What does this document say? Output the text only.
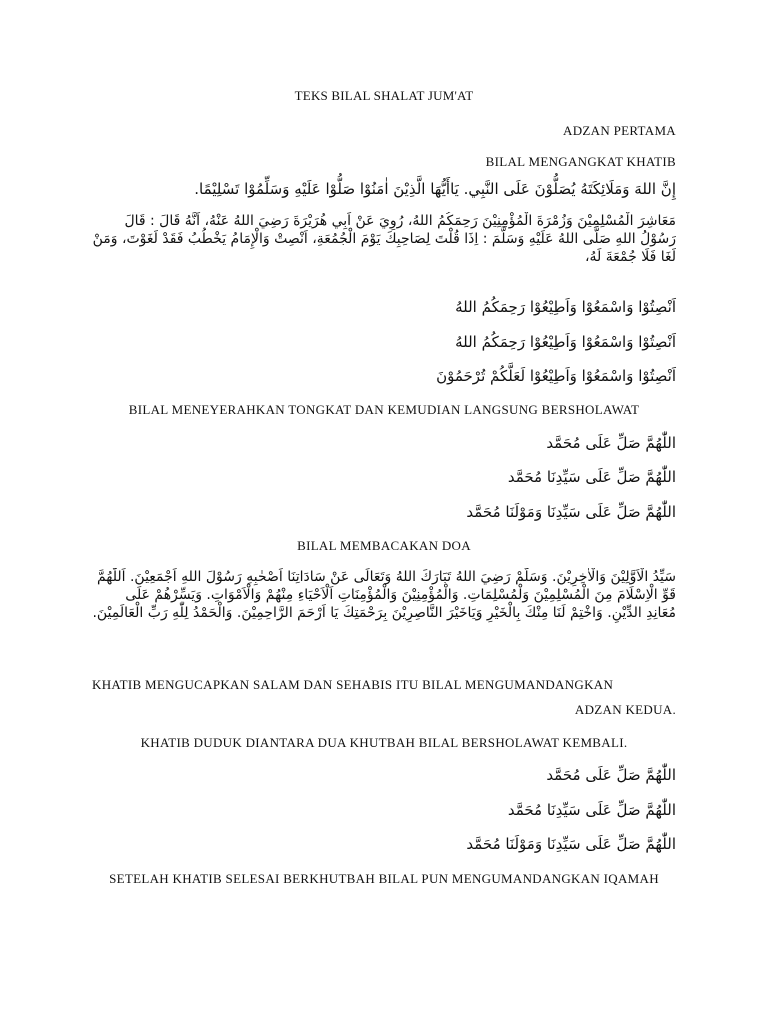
TEKS BILAL SHALAT JUM'AT
ADZAN PERTAMA
BILAL MENGANGKAT KHATIB
إِنَّ اللهَ وَمَلَائِكَتَهُ يُصَلُّوْنَ عَلَى النَّبِي. يَاأَيُّهَا الَّذِيْنَ اٰمَنُوْا صَلُّوْا عَلَيْهِ وَسَلِّمُوْا تَسْلِيْمًا.
مَعَاشِرَ الْمُسْلِمِيْنَ وَزُمْرَةَ الْمُؤْمِنِيْنَ رَحِمَكُمُ اللهُ، رُوِيَ عَنْ اَبِي هُرَيْرَةَ رَضِيَ اللهُ عَنْهُ، اَنَّهُ قَالَ : قَالَ رَسُوْلُ اللهِ صَلَّى اللهُ عَلَيْهِ وَسَلَّمَ : اِذَا قُلْتَ لِصَاحِبِكَ يَوْمَ الْجُمُعَةِ، اَنْصِتْ وَالْإِمَامُ يَخْطُبُ فَقَدْ لَغَوْتَ، وَمَنْ لَغَا فَلَا جُمْعَةَ لَهُ،
اَنْصِتُوْا وَاسْمَعُوْا وَاَطِيْعُوْا رَحِمَكُمُ اللهُ
اَنْصِتُوْا وَاسْمَعُوْا وَاَطِيْعُوْا رَحِمَكُمُ اللهُ
اَنْصِتُوْا وَاسْمَعُوْا وَاَطِيْعُوْا لَعَلَّكُمْ تُرْحَمُوْنَ
BILAL MENEYERAHKAN TONGKAT DAN KEMUDIAN LANGSUNG BERSHOLAWAT
اللّٰهُمَّ صَلِّ عَلَى مُحَمَّد
اللّٰهُمَّ صَلِّ عَلَى سَيِّدِنَا مُحَمَّد
اللّٰهُمَّ صَلِّ عَلَى سَيِّدِنَا وَمَوْلَنَا مُحَمَّد
BILAL MEMBACAKAN DOA
سَيِّدُ الْاَوَّلِيْنَ وَالْاٰخِرِيْنَ. وَسَلَّمْ رَضِيَ اللهُ تَبَارَكَ اللهُ وَتَعَالَى عَنْ سَادَاتِنَا اَصْحٰبِهِ رَسُوْلَ اللهِ اَجْمَعِيْنَ. اَللّٰهُمَّ قَوِّ الْاِسْلَامَ مِنَ الْمُسْلِمِيْنَ وَلْمُسْلِمَاتِ. وَالْمُؤْمِنِيْنَ وَالْمُؤْمِنَاتِ اَلْاَحْيَاءِ مِنْهُمْ وَالْاَمْوَاتِ. وَيَسِّرْهُمْ عَلَى مُعَانِدِ الدِّيْنِ. وَاخْتِمْ لَنَا مِنْكَ بِالْخَيْرِ وَيَاخَيْرَ النَّاصِرِيْنَ بِرَحْمَتِكَ يَا اَرْحَمَ الرَّاحِمِيْنَ. وَالْحَمْدُ لِلّٰهِ رَبِّ الْعَالَمِيْنَ.
KHATIB MENGUCAPKAN SALAM DAN SEHABIS ITU BILAL MENGUMANDANGKAN
ADZAN KEDUA.
KHATIB DUDUK DIANTARA DUA KHUTBAH BILAL BERSHOLAWAT KEMBALI.
اللّٰهُمَّ صَلِّ عَلَى مُحَمَّد
اللّٰهُمَّ صَلِّ عَلَى سَيِّدِنَا مُحَمَّد
اللّٰهُمَّ صَلِّ عَلَى سَيِّدِنَا وَمَوْلَنَا مُحَمَّد
SETELAH KHATIB SELESAI BERKHUTBAH BILAL PUN MENGUMANDANGKAN IQAMAH
